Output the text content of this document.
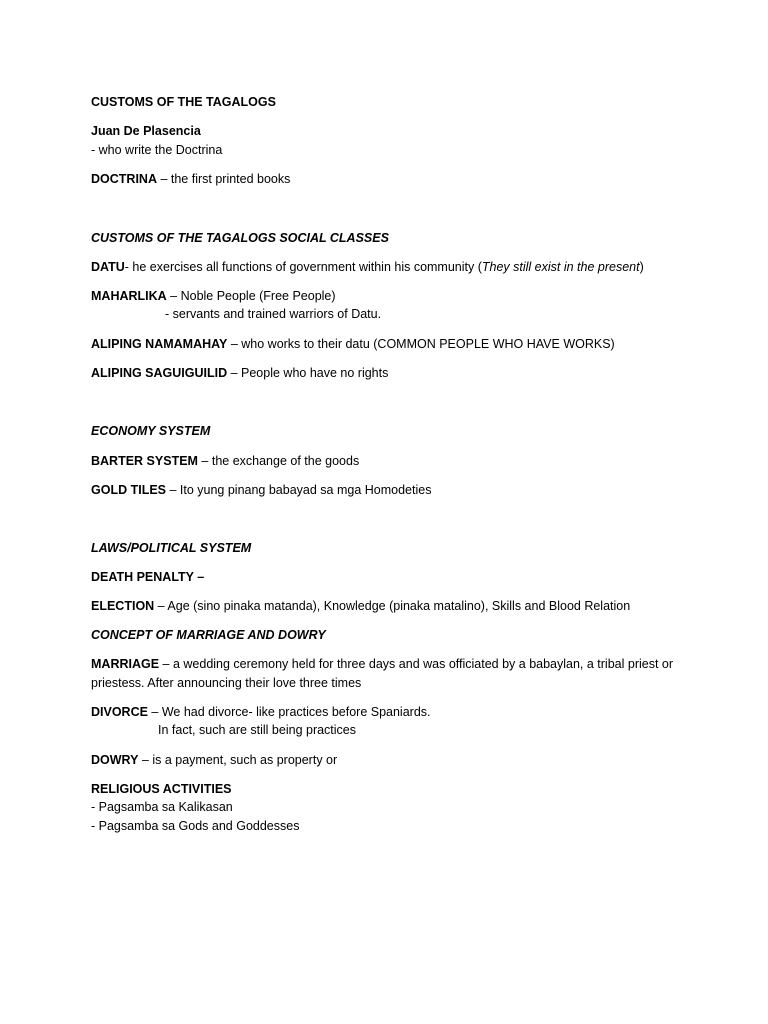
CUSTOMS OF THE TAGALOGS
Juan De Plasencia
- who write the Doctrina
DOCTRINA – the first printed books
CUSTOMS OF THE TAGALOGS SOCIAL CLASSES
DATU- he exercises all functions of government within his community (They still exist in the present)
MAHARLIKA – Noble People (Free People)
- servants and trained warriors of Datu.
ALIPING NAMAMAHAY – who works to their datu (COMMON PEOPLE WHO HAVE WORKS)
ALIPING SAGUIGUILID – People who have no rights
ECONOMY SYSTEM
BARTER SYSTEM – the exchange of the goods
GOLD TILES – Ito yung pinang babayad sa mga Homodeties
LAWS/POLITICAL SYSTEM
DEATH PENALTY –
ELECTION – Age (sino pinaka matanda), Knowledge (pinaka matalino), Skills and Blood Relation
CONCEPT OF MARRIAGE AND DOWRY
MARRIAGE – a wedding ceremony held for three days and was officiated by a babaylan, a tribal priest or
priestess. After announcing their love three times
DIVORCE – We had divorce- like practices before Spaniards.
In fact, such are still being practices
DOWRY – is a payment, such as property or
RELIGIOUS ACTIVITIES
- Pagsamba sa Kalikasan
- Pagsamba sa Gods and Goddesses
